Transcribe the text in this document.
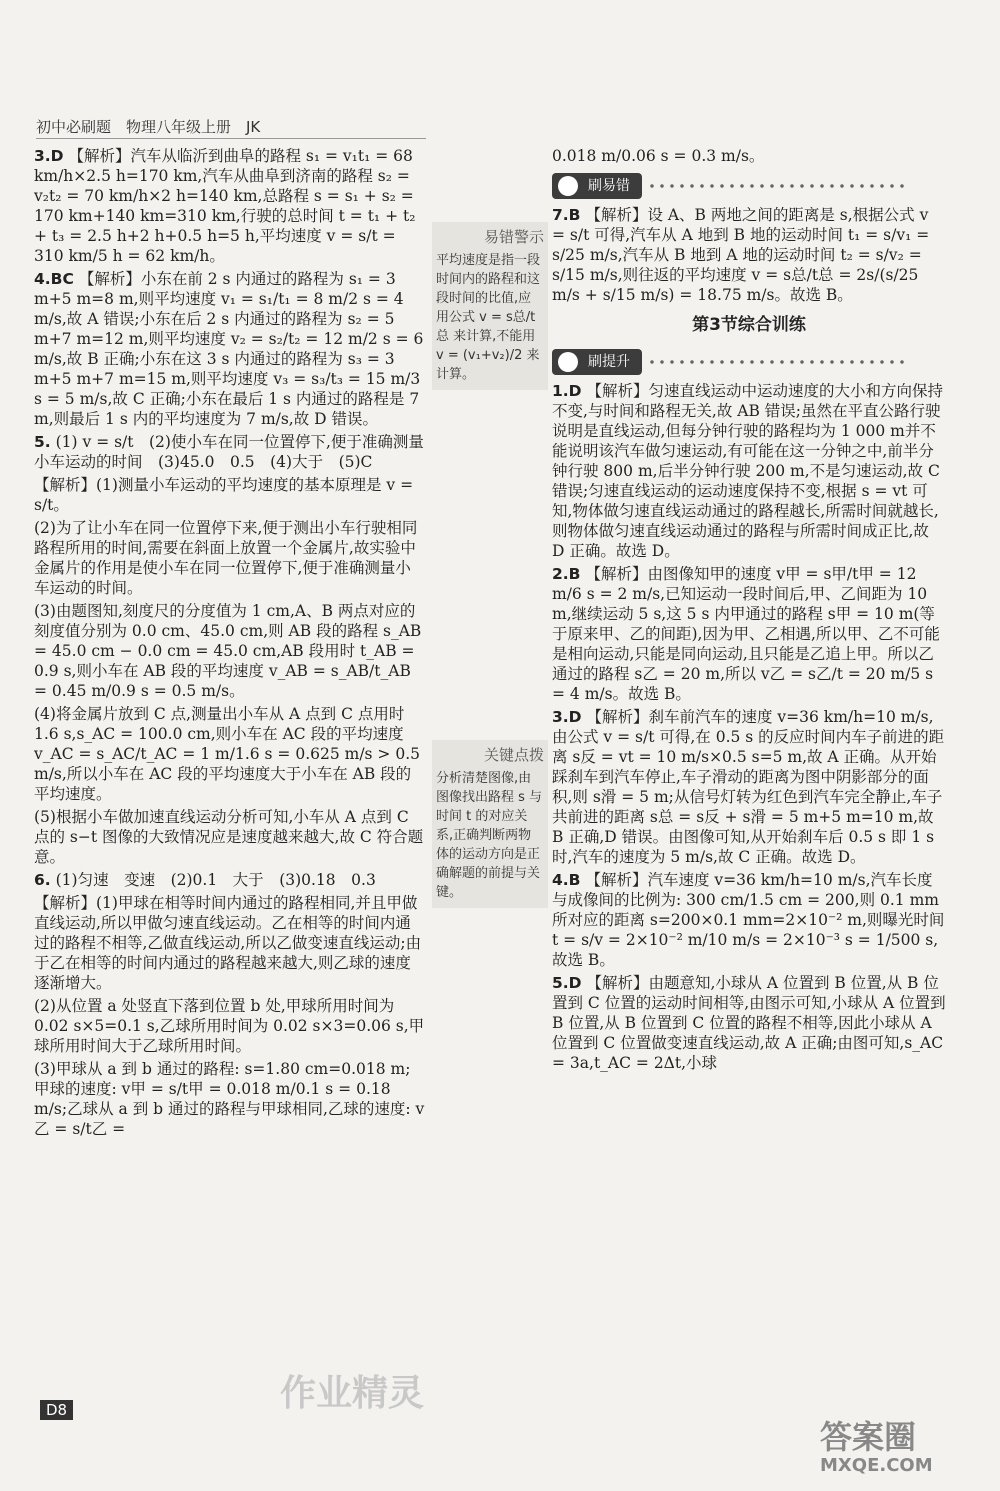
初中必刷题　物理八年级上册　JK

3.D 【解析】汽车从临沂到曲阜的路程 s₁ = v₁t₁ = 68 km/h×2.5 h=170 km,汽车从曲阜到济南的路程 s₂ = v₂t₂ = 70 km/h×2 h=140 km,总路程 s = s₁ + s₂ = 170 km+140 km=310 km,行驶的总时间 t = t₁ + t₂ + t₃ = 2.5 h+2 h+0.5 h=5 h,平均速度 v = s/t = 310 km/5 h = 62 km/h。

4.BC 【解析】小东在前 2 s 内通过的路程为 s₁ = 3 m+5 m=8 m,则平均速度 v₁ = s₁/t₁ = 8 m/2 s = 4 m/s,故 A 错误;小东在后 2 s 内通过的路程为 s₂ = 5 m+7 m=12 m,则平均速度 v₂ = s₂/t₂ = 12 m/2 s = 6 m/s,故 B 正确;小东在这 3 s 内通过的路程为 s₃ = 3 m+5 m+7 m=15 m,则平均速度 v₃ = s₃/t₃ = 15 m/3 s = 5 m/s,故 C 正确;小东在最后 1 s 内通过的路程是 7 m,则最后 1 s 内的平均速度为 7 m/s,故 D 错误。

5. (1) v = s/t　(2)使小车在同一位置停下,便于准确测量小车运动的时间　(3)45.0　0.5　(4)大于　(5)C

【解析】(1)测量小车运动的平均速度的基本原理是 v = s/t。

(2)为了让小车在同一位置停下来,便于测出小车行驶相同路程所用的时间,需要在斜面上放置一个金属片,故实验中金属片的作用是使小车在同一位置停下,便于准确测量小车运动的时间。

(3)由题图知,刻度尺的分度值为 1 cm,A、B 两点对应的刻度值分别为 0.0 cm、45.0 cm,则 AB 段的路程 s_AB = 45.0 cm − 0.0 cm = 45.0 cm,AB 段用时 t_AB = 0.9 s,则小车在 AB 段的平均速度 v_AB = s_AB/t_AB = 0.45 m/0.9 s = 0.5 m/s。

(4)将金属片放到 C 点,测量出小车从 A 点到 C 点用时 1.6 s,s_AC = 100.0 cm,则小车在 AC 段的平均速度 v_AC = s_AC/t_AC = 1 m/1.6 s = 0.625 m/s > 0.5 m/s,所以小车在 AC 段的平均速度大于小车在 AB 段的平均速度。

(5)根据小车做加速直线运动分析可知,小车从 A 点到 C 点的 s−t 图像的大致情况应是速度越来越大,故 C 符合题意。

6. (1)匀速　变速　(2)0.1　大于　(3)0.18　0.3

【解析】(1)甲球在相等时间内通过的路程相同,并且甲做直线运动,所以甲做匀速直线运动。乙在相等的时间内通过的路程不相等,乙做直线运动,所以乙做变速直线运动;由于乙在相等的时间内通过的路程越来越大,则乙球的速度逐渐增大。

(2)从位置 a 处竖直下落到位置 b 处,甲球所用时间为 0.02 s×5=0.1 s,乙球所用时间为 0.02 s×3=0.06 s,甲球所用时间大于乙球所用时间。

(3)甲球从 a 到 b 通过的路程: s=1.80 cm=0.018 m; 甲球的速度: v甲 = s/t甲 = 0.018 m/0.1 s = 0.18 m/s;乙球从 a 到 b 通过的路程与甲球相同,乙球的速度: v乙 = s/t乙 =

易错警示
平均速度是指一段时间内的路程和这段时间的比值,应用公式 v = s总/t总 来计算,不能用 v = (v₁+v₂)/2 来计算。
关键点拨
分析清楚图像,由图像找出路程 s 与时间 t 的对应关系,正确判断两物体的运动方向是正确解题的前提与关键。

0.018 m/0.06 s = 0.3 m/s。

刷易错

7.B 【解析】设 A、B 两地之间的距离是 s,根据公式 v = s/t 可得,汽车从 A 地到 B 地的运动时间 t₁ = s/v₁ = s/25 m/s,汽车从 B 地到 A 地的运动时间 t₂ = s/v₂ = s/15 m/s,则往返的平均速度 v = s总/t总 = 2s/(s/25 m/s + s/15 m/s) = 18.75 m/s。故选 B。

第3节综合训练
刷提升

1.D 【解析】匀速直线运动中运动速度的大小和方向保持不变,与时间和路程无关,故 AB 错误;虽然在平直公路行驶说明是直线运动,但每分钟行驶的路程均为 1 000 m并不能说明该汽车做匀速运动,有可能在这一分钟之中,前半分钟行驶 800 m,后半分钟行驶 200 m,不是匀速运动,故 C 错误;匀速直线运动的运动速度保持不变,根据 s = vt 可知,物体做匀速直线运动通过的路程越长,所需时间就越长,则物体做匀速直线运动通过的路程与所需时间成正比,故 D 正确。故选 D。

2.B 【解析】由图像知甲的速度 v甲 = s甲/t甲 = 12 m/6 s = 2 m/s,已知运动一段时间后,甲、乙间距为 10 m,继续运动 5 s,这 5 s 内甲通过的路程 s甲 = 10 m(等于原来甲、乙的间距),因为甲、乙相遇,所以甲、乙不可能是相向运动,只能是同向运动,且只能是乙追上甲。所以乙通过的路程 s乙 = 20 m,所以 v乙 = s乙/t = 20 m/5 s = 4 m/s。故选 B。

3.D 【解析】刹车前汽车的速度 v=36 km/h=10 m/s,由公式 v = s/t 可得,在 0.5 s 的反应时间内车子前进的距离 s反 = vt = 10 m/s×0.5 s=5 m,故 A 正确。从开始踩刹车到汽车停止,车子滑动的距离为图中阴影部分的面积,则 s滑 = 5 m;从信号灯转为红色到汽车完全静止,车子共前进的距离 s总 = s反 + s滑 = 5 m+5 m=10 m,故 B 正确,D 错误。由图像可知,从开始刹车后 0.5 s 即 1 s 时,汽车的速度为 5 m/s,故 C 正确。故选 D。

4.B 【解析】汽车速度 v=36 km/h=10 m/s,汽车长度与成像间的比例为: 300 cm/1.5 cm = 200,则 0.1 mm 所对应的距离 s=200×0.1 mm=2×10⁻² m,则曝光时间 t = s/v = 2×10⁻² m/10 m/s = 2×10⁻³ s = 1/500 s,故选 B。

5.D 【解析】由题意知,小球从 A 位置到 B 位置,从 B 位置到 C 位置的运动时间相等,由图示可知,小球从 A 位置到 B 位置,从 B 位置到 C 位置的路程不相等,因此小球从 A 位置到 C 位置做变速直线运动,故 A 正确;由图可知,s_AC = 3a,t_AC = 2Δt,小球

D8	作业精灵
答案圈
MXQE.COM
